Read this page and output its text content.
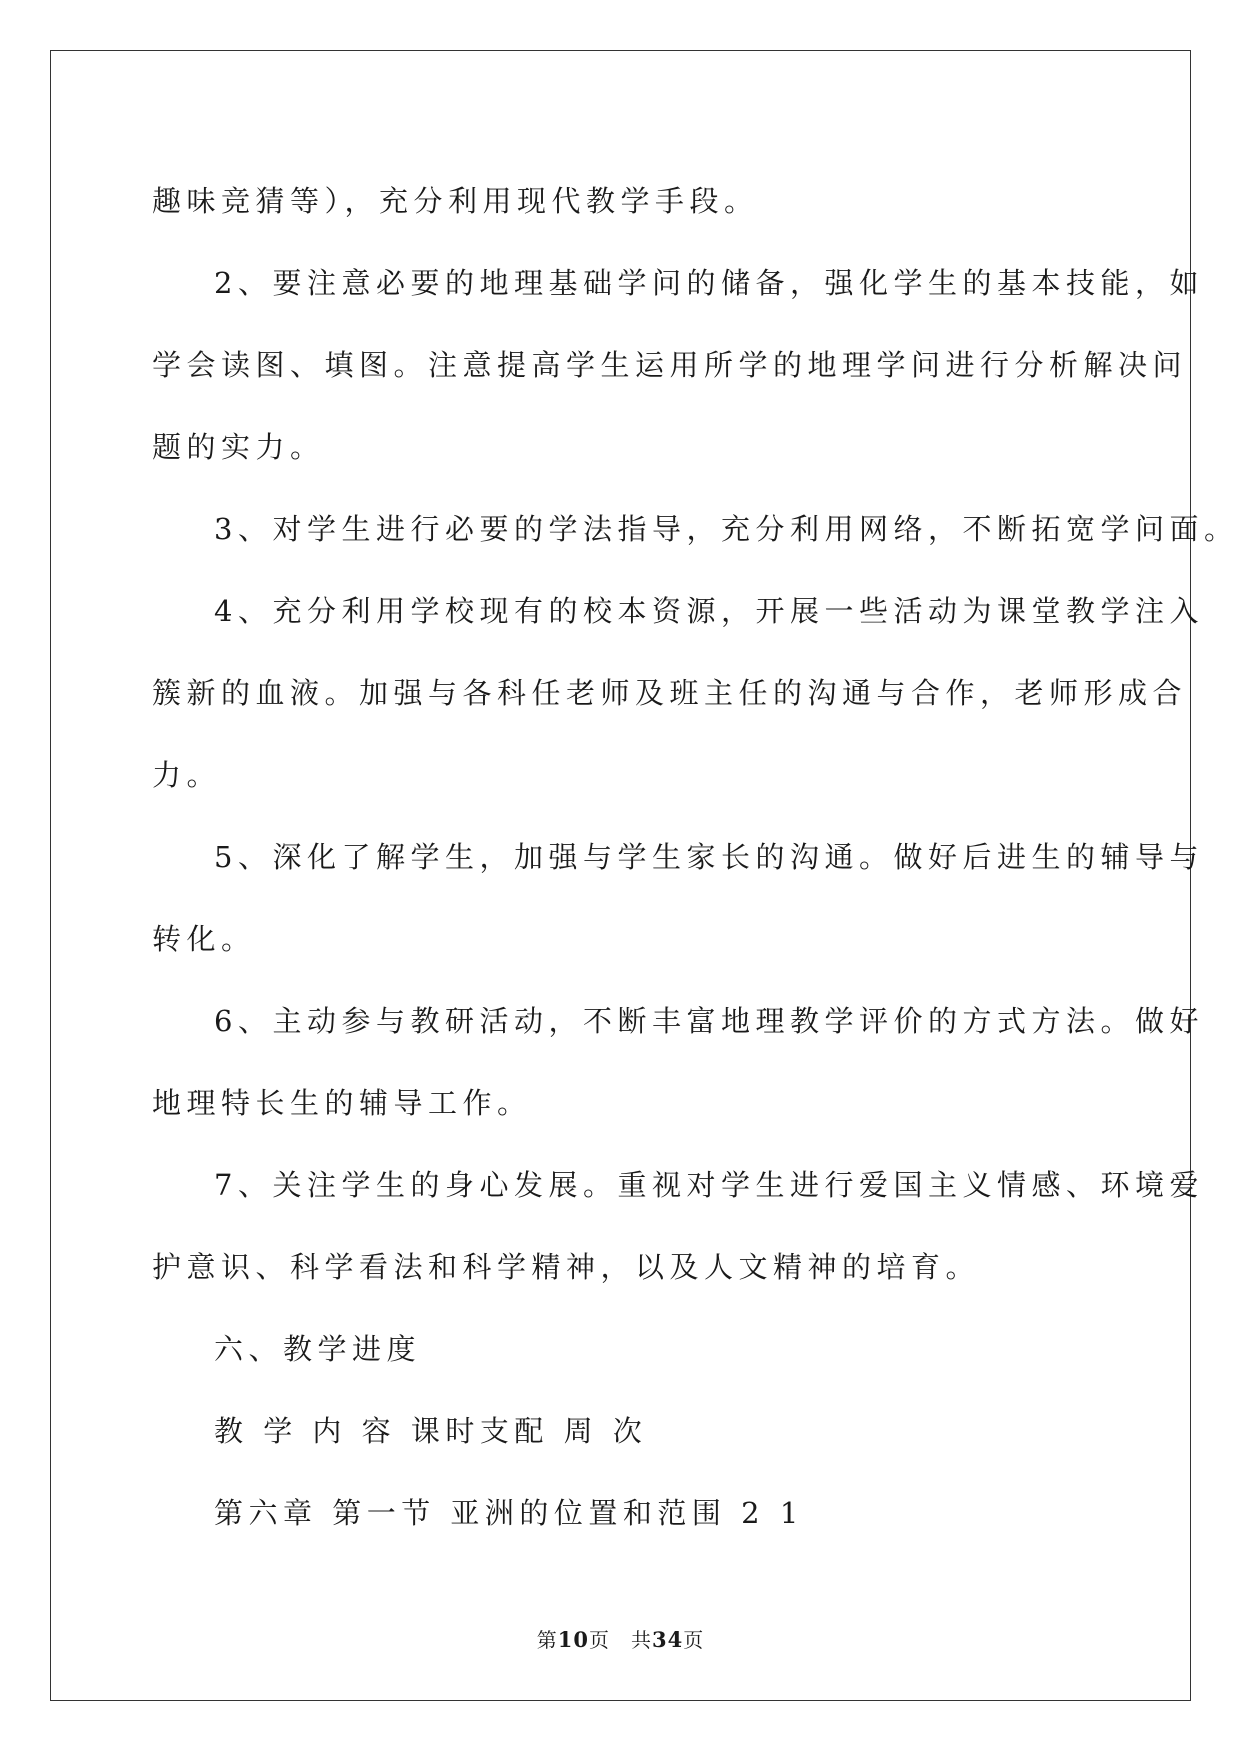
趣味竞猜等），充分利用现代教学手段。
2、要注意必要的地理基础学问的储备，强化学生的基本技能，如
学会读图、填图。注意提高学生运用所学的地理学问进行分析解决问
题的实力。
3、对学生进行必要的学法指导，充分利用网络，不断拓宽学问面。
4、充分利用学校现有的校本资源，开展一些活动为课堂教学注入
簇新的血液。加强与各科任老师及班主任的沟通与合作，老师形成合
力。
5、深化了解学生，加强与学生家长的沟通。做好后进生的辅导与
转化。
6、主动参与教研活动，不断丰富地理教学评价的方式方法。做好
地理特长生的辅导工作。
7、关注学生的身心发展。重视对学生进行爱国主义情感、环境爱
护意识、科学看法和科学精神，以及人文精神的培育。
六、教学进度
教 学 内 容 课时支配 周 次
第六章 第一节 亚洲的位置和范围 2 1
第10页　共34页
